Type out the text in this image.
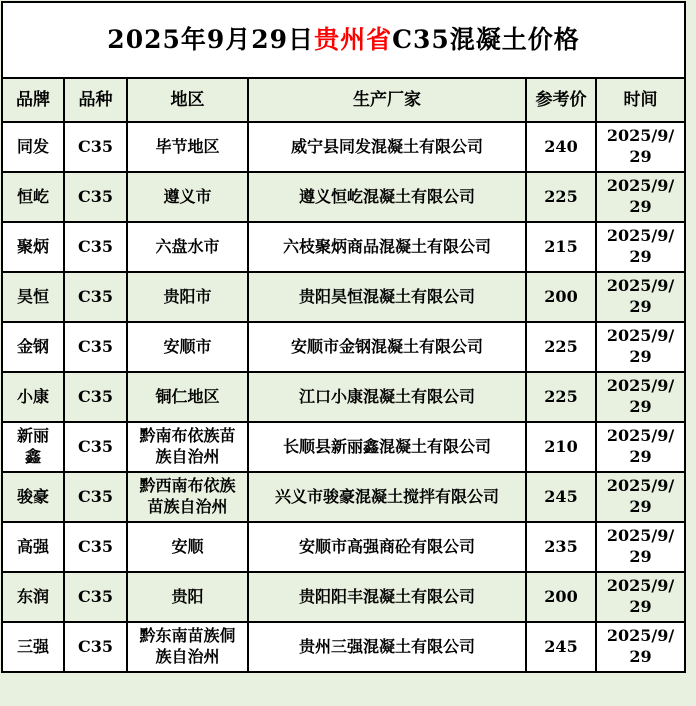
2025年9月29日贵州省C35混凝土价格					
品牌	品种	地区	生产厂家	参考价	时间
同发	C35	毕节地区	威宁县同发混凝土有限公司	240	2025/9/29
恒屹	C35	遵义市	遵义恒屹混凝土有限公司	225	2025/9/29
聚炳	C35	六盘水市	六枝聚炳商品混凝土有限公司	215	2025/9/29
昊恒	C35	贵阳市	贵阳昊恒混凝土有限公司	200	2025/9/29
金钢	C35	安顺市	安顺市金钢混凝土有限公司	225	2025/9/29
小康	C35	铜仁地区	江口小康混凝土有限公司	225	2025/9/29
新丽鑫	C35	黔南布依族苗族自治州	长顺县新丽鑫混凝土有限公司	210	2025/9/29
骏豪	C35	黔西南布依族苗族自治州	兴义市骏豪混凝土搅拌有限公司	245	2025/9/29
高强	C35	安顺	安顺市高强商砼有限公司	235	2025/9/29
东润	C35	贵阳	贵阳阳丰混凝土有限公司	200	2025/9/29
三强	C35	黔东南苗族侗族自治州	贵州三强混凝土有限公司	245	2025/9/29
